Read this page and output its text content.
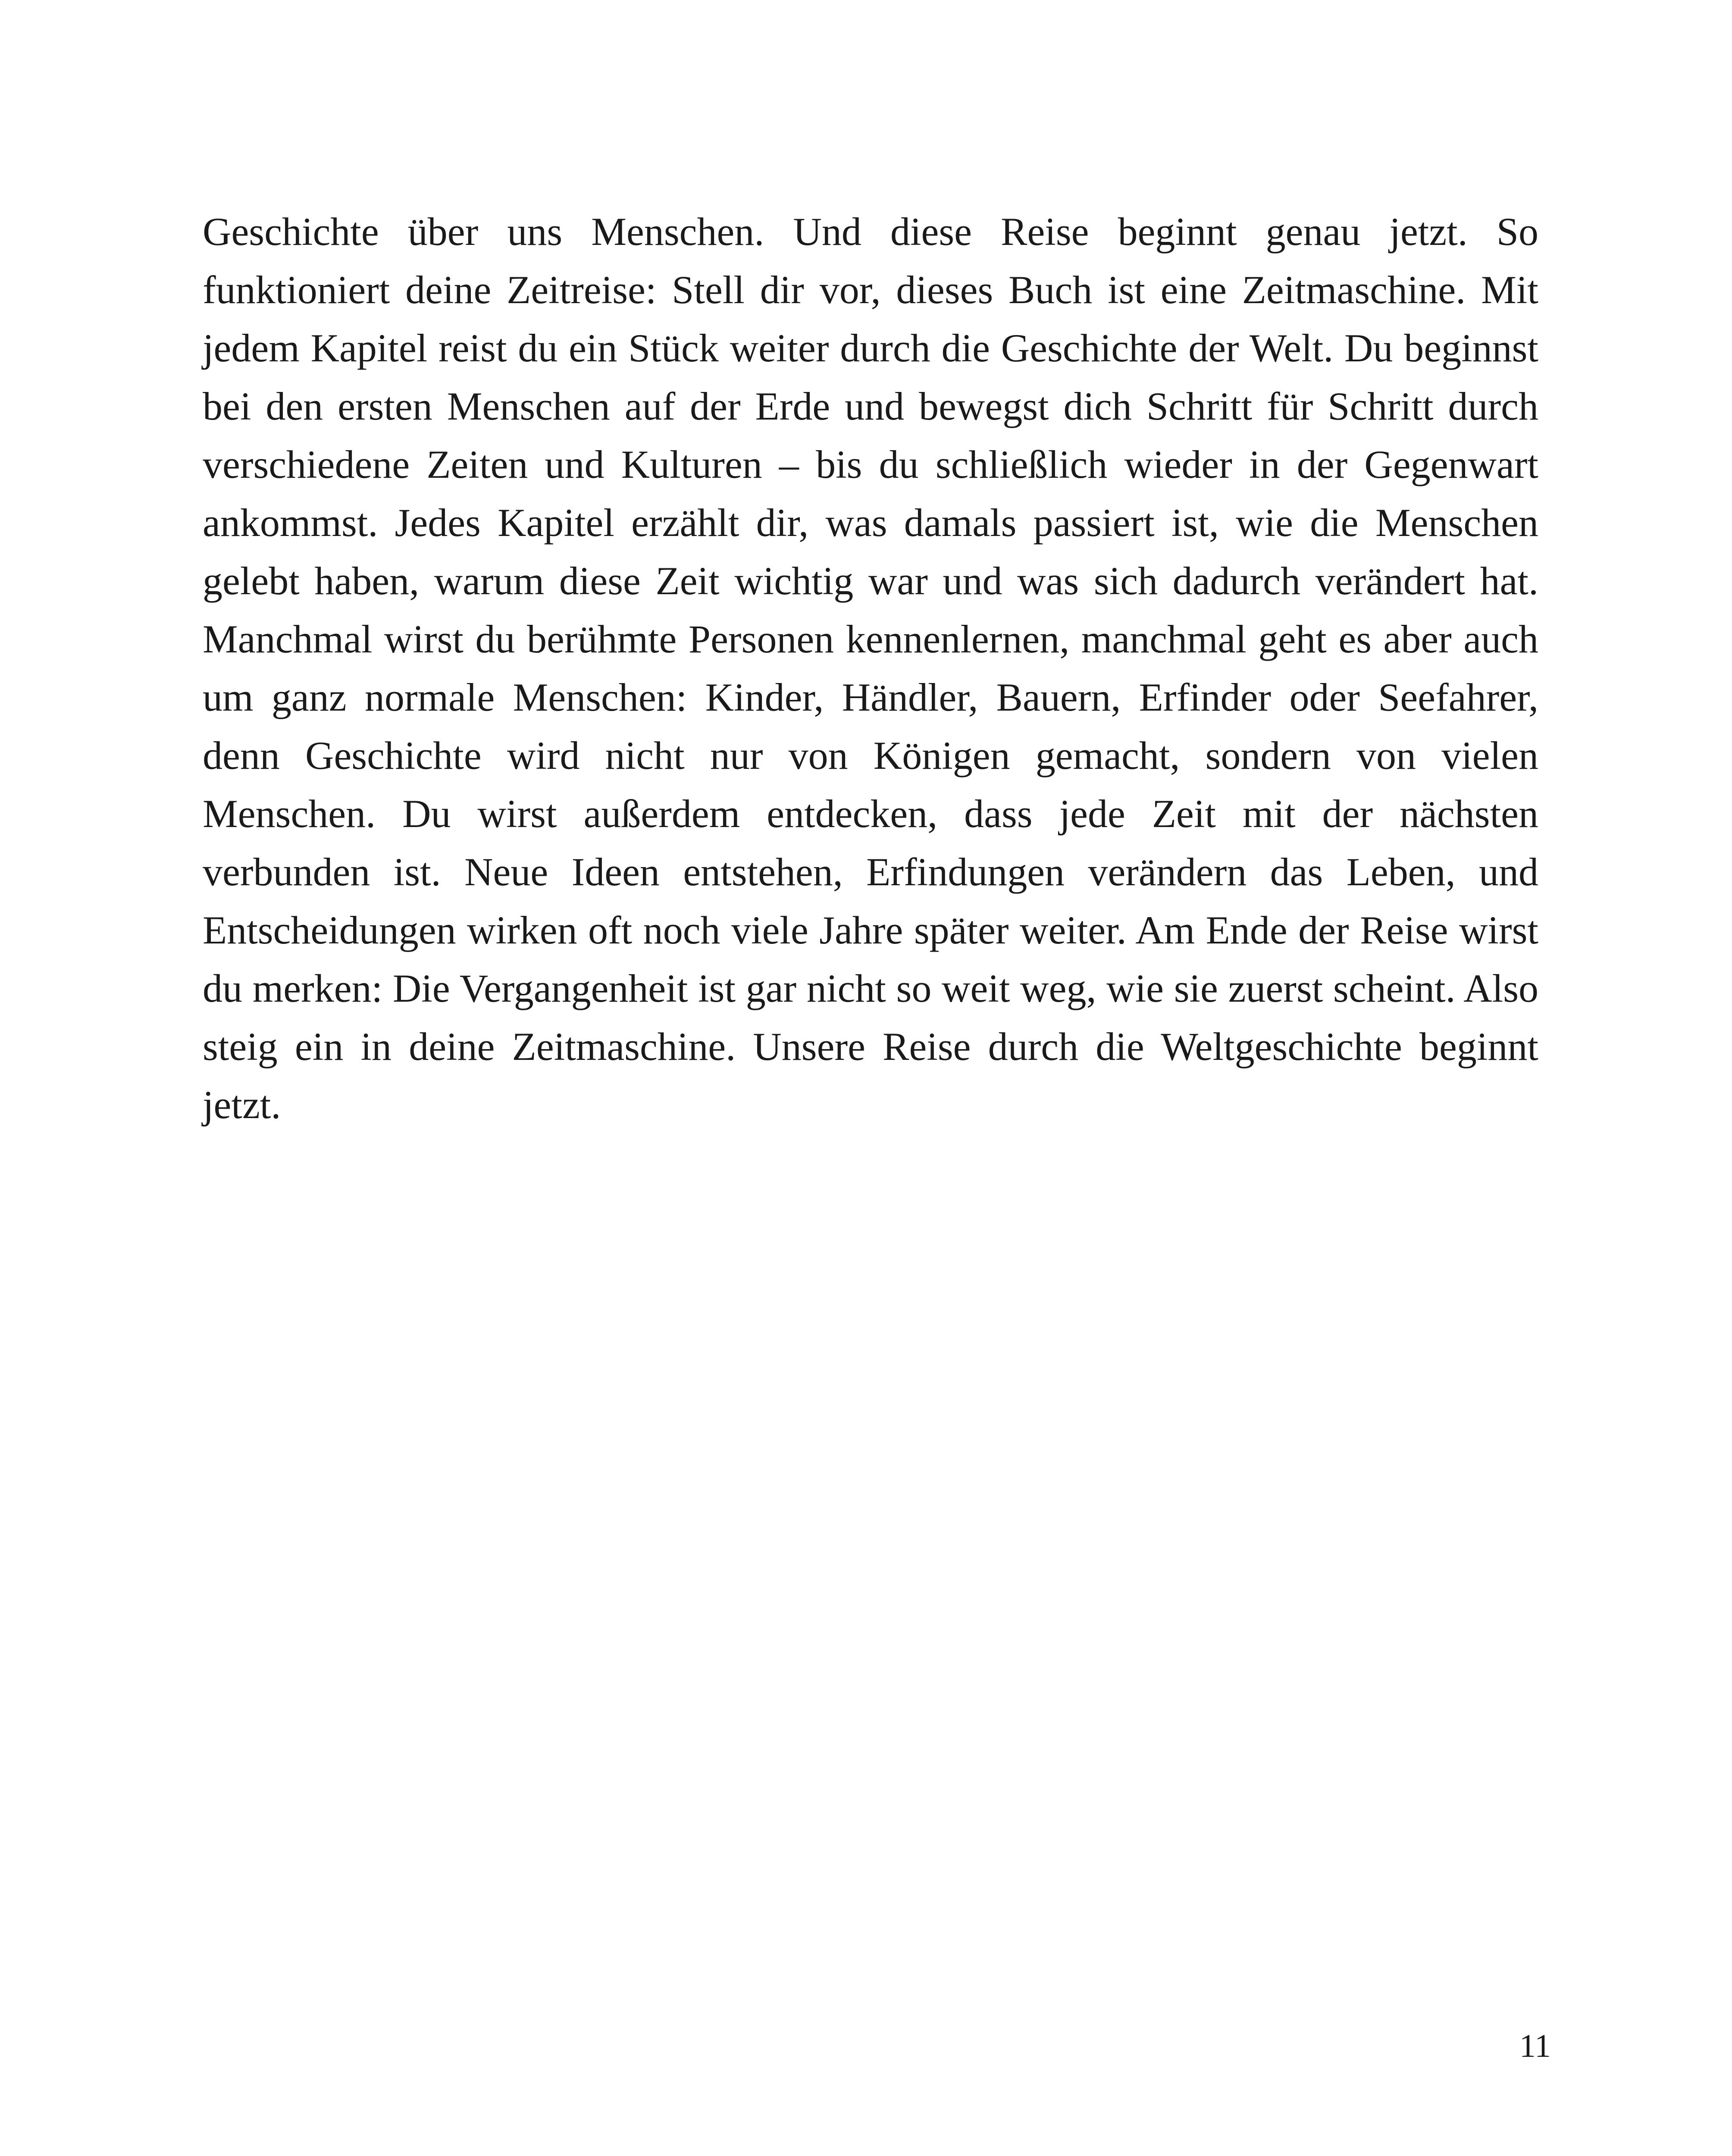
Geschichte über uns Menschen. Und diese Reise beginnt genau jetzt. So funktioniert deine Zeitreise: Stell dir vor, dieses Buch ist eine Zeitmaschine. Mit jedem Kapitel reist du ein Stück weiter durch die Geschichte der Welt. Du beginnst bei den ersten Menschen auf der Erde und bewegst dich Schritt für Schritt durch verschiedene Zeiten und Kulturen – bis du schließlich wieder in der Gegenwart ankommst. Jedes Kapitel erzählt dir, was damals passiert ist, wie die Menschen gelebt haben, warum diese Zeit wichtig war und was sich dadurch verändert hat. Manchmal wirst du berühmte Personen kennenlernen, manchmal geht es aber auch um ganz normale Menschen: Kinder, Händler, Bauern, Erfinder oder Seefahrer, denn Geschichte wird nicht nur von Königen gemacht, sondern von vielen Menschen. Du wirst außerdem entdecken, dass jede Zeit mit der nächsten verbunden ist. Neue Ideen entstehen, Erfindungen verändern das Leben, und Entscheidungen wirken oft noch viele Jahre später weiter. Am Ende der Reise wirst du merken: Die Vergangenheit ist gar nicht so weit weg, wie sie zuerst scheint. Also steig ein in deine Zeitmaschine. Unsere Reise durch die Weltgeschichte beginnt jetzt.

11
